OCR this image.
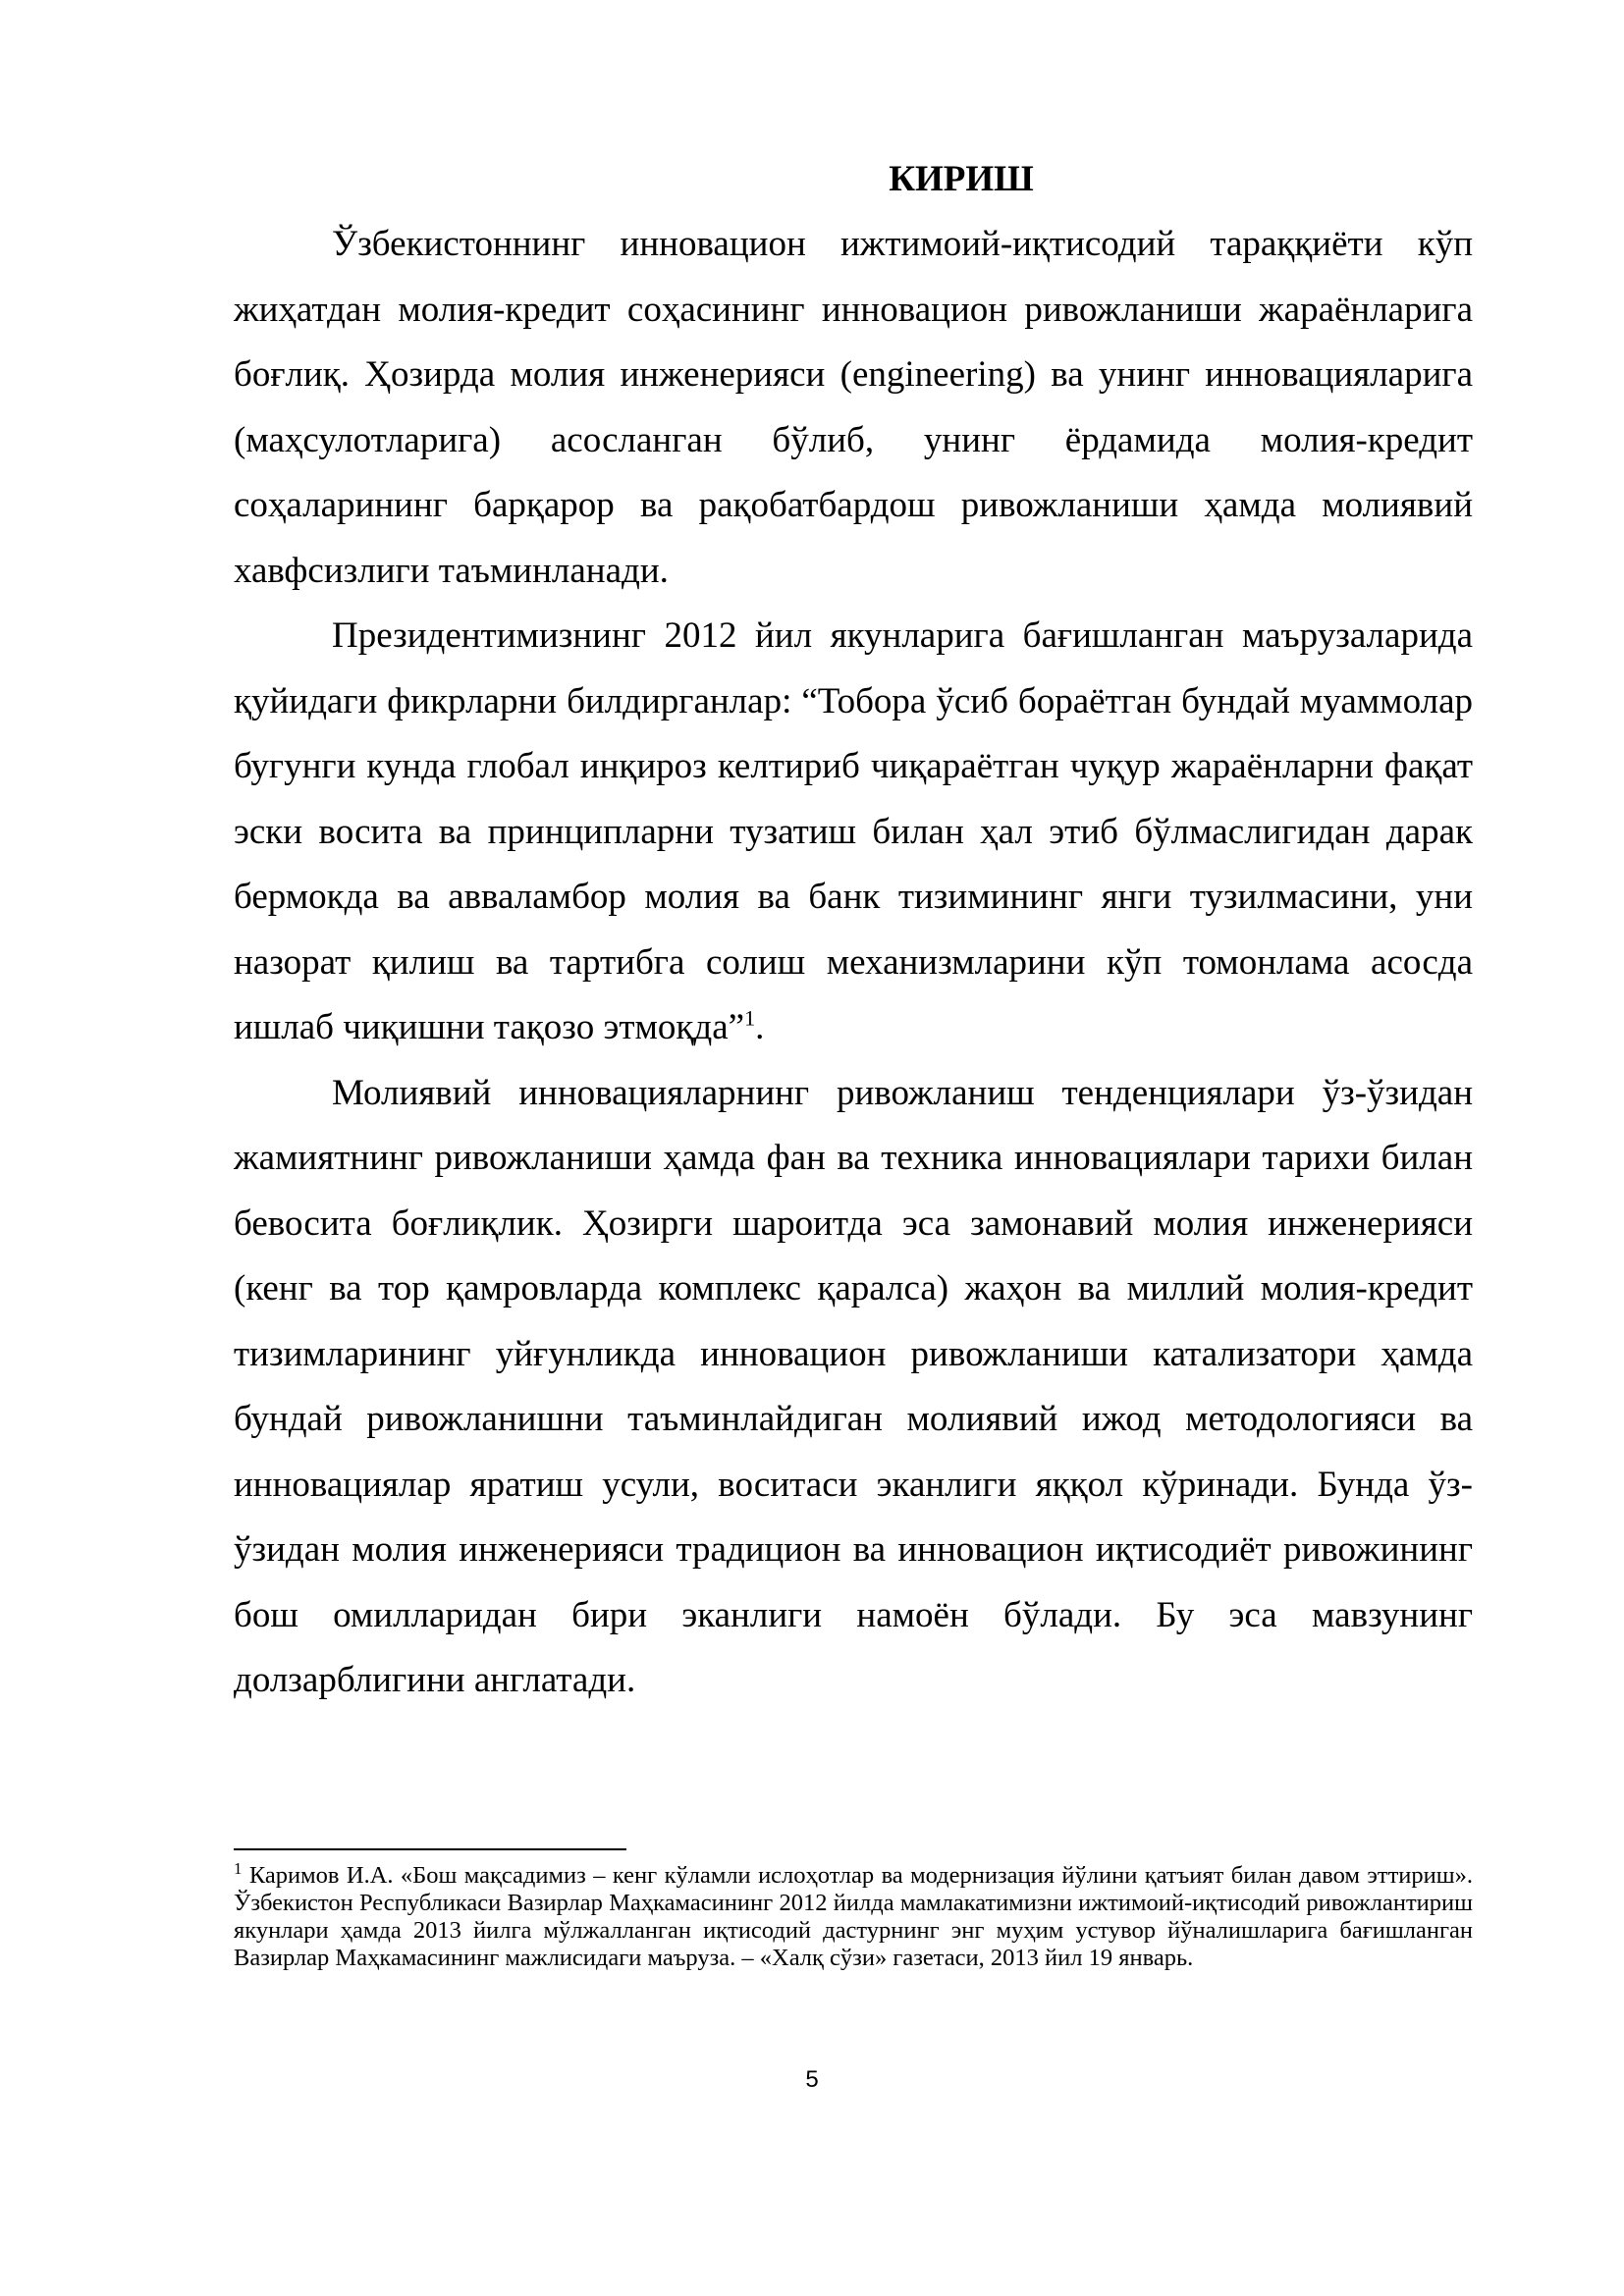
КИРИШ

Ўзбекистоннинг инновацион ижтимоий-иқтисодий тараққиёти кўп жиҳатдан молия-кредит соҳасининг инновацион ривожланиши жараёнларига боғлиқ. Ҳозирда молия инженерияси (engineering) ва унинг инновацияларига (маҳсулотларига) асосланган бўлиб, унинг ёрдамида молия-кредит соҳаларининг барқарор ва рақобатбардош ривожланиши ҳамда молиявий хавфсизлиги таъминланади.

Президентимизнинг 2012 йил якунларига бағишланган маърузаларида қуйидаги фикрларни билдирганлар: “Тобора ўсиб бораётган бундай муаммолар бугунги кунда глобал инқироз келтириб чиқараётган чуқур жараёнларни фақат эски восита ва принципларни тузатиш билан ҳал этиб бўлмаслигидан дарак бермокда ва авваламбор молия ва банк тизимининг янги тузилмасини, уни назорат қилиш ва тартибга солиш механизмларини кўп томонлама асосда ишлаб чиқишни тақозо этмоқда”$^1$.

Молиявий инновацияларнинг ривожланиш тенденциялари ўз-ўзидан жамиятнинг ривожланиши ҳамда фан ва техника инновациялари тарихи билан бевосита боғлиқлик. Ҳозирги шароитда эса замонавий молия инженерияси (кенг ва тор қамровларда комплекс қаралса) жаҳон ва миллий молия-кредит тизимларининг уйғунликда инновацион ривожланиши катализатори ҳамда бундай ривожланишни таъминлайдиган молиявий ижод методологияси ва инновациялар яратиш усули, воситаси эканлиги яққол кўринади. Бунда ўз-ўзидан молия инженерияси традицион ва инновацион иқтисодиёт ривожининг бош омилларидан бири эканлиги намоён бўлади. Бу эса мавзунинг долзарблигини англатади.

$^1$ Каримов И.А. «Бош мақсадимиз – кенг кўламли ислоҳотлар ва модернизация йўлини қатъият билан давом эттириш». Ўзбекистон Республикаси Вазирлар Маҳкамасининг 2012 йилда мамлакатимизни ижтимоий-иқтисодий ривожлантириш якунлари ҳамда 2013 йилга мўлжалланган иқтисодий дастурнинг энг муҳим устувор йўналишларига бағишланган Вазирлар Маҳкамасининг мажлисидаги маъруза. – «Халқ сўзи» газетаси, 2013 йил 19 январь.

5
